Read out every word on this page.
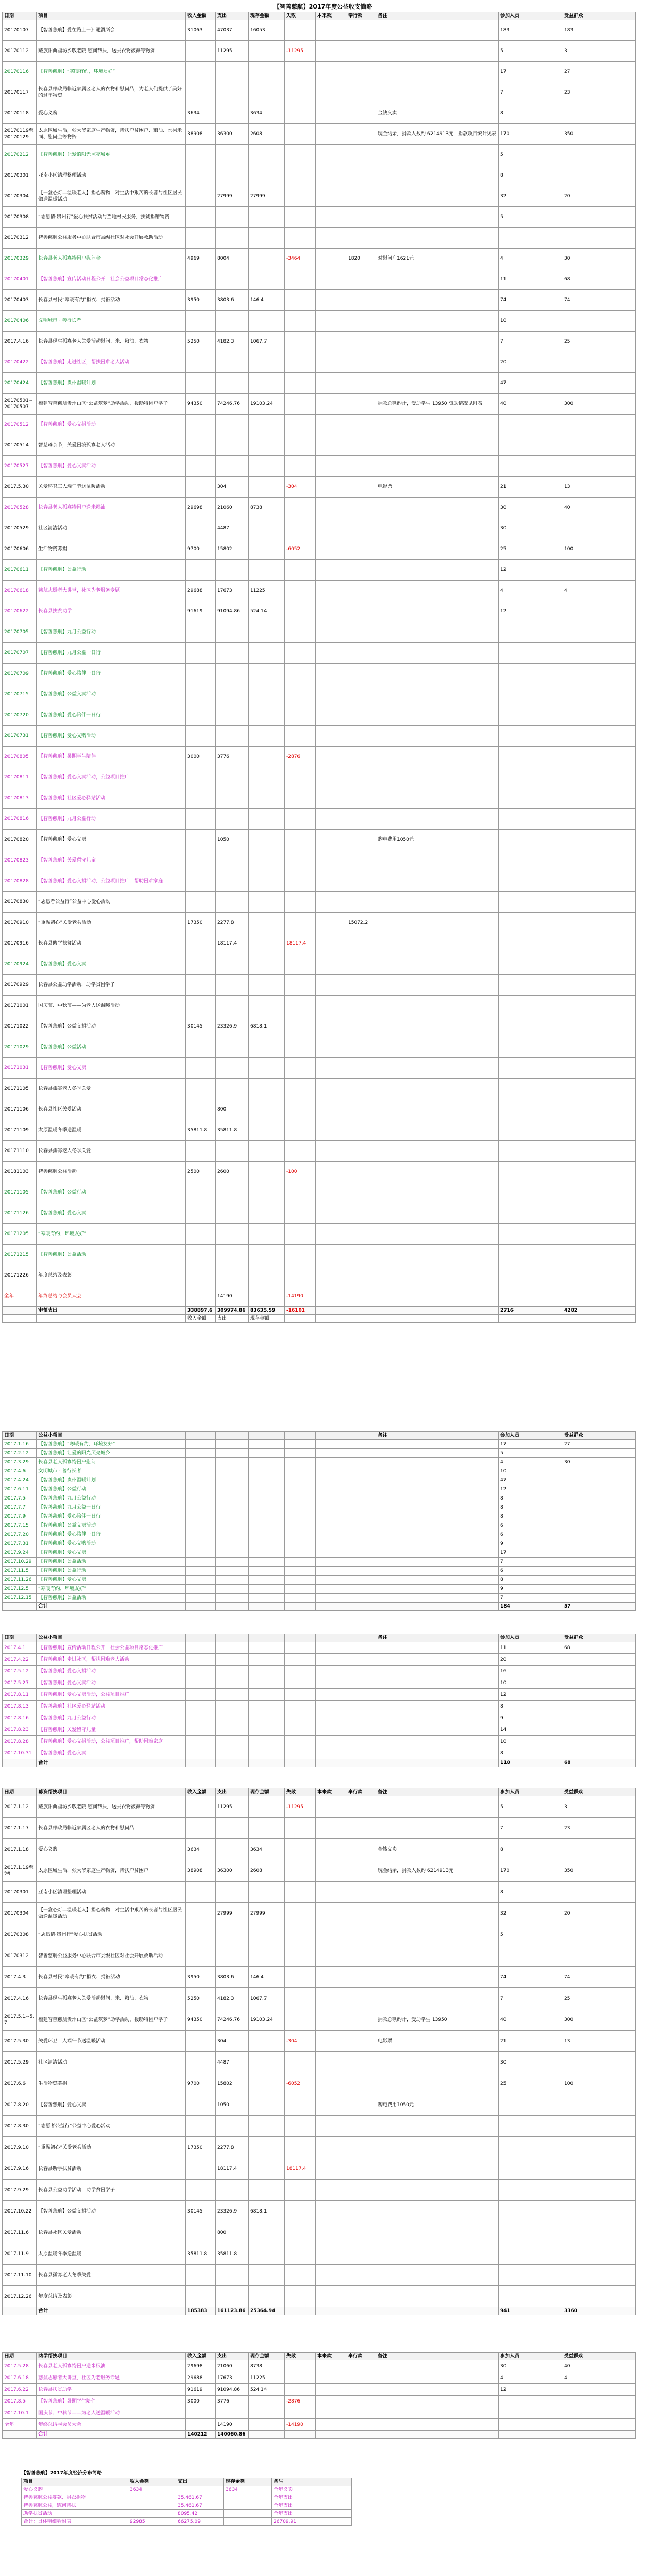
【智善慈航】2017年度公益收支简略
日期	项目	收入金额	支出	现存金额	失散	本来款	奉行款	备注	参加人员	受益群众
20170107	【智善慈航】爱在路上一》通渭所会	31063	47037	16053					183	183
20170112	藏族阳曲福坊乡敬老院 慰问帮扶，送去衣物被褥等物资		11295		-11295				5	3
20170116	【智善慈航】“寒暖有约，环境友好”								17	27
20170117	长春县邮政局临近家属区老人的衣物和慰问品，为老人们提供了美好的过年物资								7	23
20170118	爱心义购	3634		3634				金钱义卖	8	
20170119至20170129	太原区域生活，张大爷家庭生产物资，帮扶户贫困户、粮油、水果米面、慰问金等物资	38908	36300	2608				现金结余，捐款人数约 6214913元，捐款项目统计见表	170	350
20170212	【智善慈航】让爱的阳光照亮城乡								5	
20170301	亚南小区清理整理活动								8	
20170304	【一盒心灯—温暖老人】捐心购物，对生活中艰苦的长者与社区居民做送温暖活动		27999	27999					32	20
20170308	“志愿情·贵州行”爱心扶贫活动与当地村民服务，扶贫捐赠物资								5	
20170312	智善慈航公益服务中心联合市县级社区对社会开展救助活动									
20170329	长春县老人孤寡特困户慰问金	4969	8004		-3464		1820	对慰问户1621元	4	30
20170401	【智善慈航】宣传活动日程公开，社会公益项目常态化推广								11	68
20170403	长春县村民“寒暖有约”捐衣、捐被活动	3950	3803.6	146.4					74	74
20170406	文明城市 · 善行长者								10	
2017.4.16	长春县现生孤寡老人关爱活动慰问、米、粮油、衣物	5250	4182.3	1067.7					7	25
20170422	【智善慈航】走进社区，帮扶困难老人活动								20	
20170424	【智善慈航】贵州温暖计划								47	
20170501~20170507	福建智善慈航贵州山区“公益筑梦”助学活动，援助特困户学子	94350	74246.76	19103.24				捐款总额约计，受助学生 13950 资助情况见附表	40	300
20170512	【智善慈航】爱心义捐活动									
20170514	智慈母亲节，关爱困境孤寡老人活动									
20170527	【智善慈航】爱心义卖活动									
2017.5.30	关爱环卫工人端午节送温暖活动		304		-304			电影票	21	13
20170528	长春县老人孤寡特困户送米粮油	29698	21060	8738					30	40
20170529	社区清洁活动		4487						30	
20170606	生活物资募捐	9700	15802		-6052				25	100
20170611	【智善慈航】公益行动								12	
20170618	慈航志愿者大讲堂，社区为老服务专题	29688	17673	11225					4	4
20170622	长春县扶贫助学	91619	91094.86	524.14					12	
20170705	【智善慈航】九月公益行动									
20170707	【智善慈航】九月公益一日行									
20170709	【智善慈航】爱心陪伴一日行									
20170715	【智善慈航】公益义卖活动									
20170720	【智善慈航】爱心陪伴一日行									
20170731	【智善慈航】爱心义购活动									
20170805	【智善慈航】暑期学生陪伴	3000	3776		-2876					
20170811	【智善慈航】爱心义卖活动，公益项目推广									
20170813	【智善慈航】社区爱心驿站活动									
20170816	【智善慈航】九月公益行动									
20170820	【智善慈航】爱心义卖		1050					购电费用1050元		
20170823	【智善慈航】关爱留守儿童									
20170828	【智善慈航】爱心义捐活动，公益项目推广，帮助困难家庭									
20170830	“志愿者公益行”公益中心爱心活动									
20170910	“重温初心”关爱老兵活动	17350	2277.8				15072.2			
20170916	长春县助学扶贫活动		18117.4		18117.4					
20170924	【智善慈航】爱心义卖									
20170929	长春县公益助学活动，助学贫困学子									
20171001	国庆节、中秋节——为老人送温暖活动									
20171022	【智善慈航】公益义捐活动	30145	23326.9	6818.1						
20171029	【智善慈航】公益活动									
20171031	【智善慈航】爱心义卖									
20171105	长春县孤寡老人冬季关爱									
20171106	长春县社区关爱活动		800							
20171109	太原温暖冬季送温暖	35811.8	35811.8							
20171110	长春县孤寡老人冬季关爱									
20181103	智善慈航公益活动	2500	2600		-100					
20171105	【智善慈航】公益行动									
20171126	【智善慈航】爱心义卖									
20171205	“寒暖有约，环境友好”									
20171215	【智善慈航】公益活动									
20171226	年度总结及表彰									
全年	年终总结与会员大会		14190		-14190					
	审慎支出	338897.6	309974.86	83635.59	-16101				2716	4282
		收入金额	支出	现存金额						
日期	公益小项目							备注	参加人员	受益群众
2017.1.16	【智善慈航】“寒暖有约，环境友好”								17	27
2017.2.12	【智善慈航】让爱的阳光照亮城乡								5	
2017.3.29	长春县老人孤寡特困户慰问								4	30
2017.4.6	文明城市 · 善行长者								10	
2017.4.24	【智善慈航】贵州温暖计划								47	
2017.6.11	【智善慈航】公益行动								12	
2017.7.5	【智善慈航】九月公益行动								8	
2017.7.7	【智善慈航】九月公益一日行								8	
2017.7.9	【智善慈航】爱心陪伴一日行								8	
2017.7.15	【智善慈航】公益义卖活动								6	
2017.7.20	【智善慈航】爱心陪伴一日行								6	
2017.7.31	【智善慈航】爱心义购活动								9	
2017.9.24	【智善慈航】爱心义卖								17	
2017.10.29	【智善慈航】公益活动								7	
2017.11.5	【智善慈航】公益行动								6	
2017.11.26	【智善慈航】爱心义卖								8	
2017.12.5	“寒暖有约，环境友好”								9	
2017.12.15	【智善慈航】公益活动								7	
	合计								184	57
日期	公益小项目							备注	参加人员	受益群众
2017.4.1	【智善慈航】宣传活动日程公开，社会公益项目常态化推广								11	68
2017.4.22	【智善慈航】走进社区，帮扶困难老人活动								20	
2017.5.12	【智善慈航】爱心义捐活动								16	
2017.5.27	【智善慈航】爱心义卖活动								10	
2017.8.11	【智善慈航】爱心义卖活动，公益项目推广								12	
2017.8.13	【智善慈航】社区爱心驿站活动								8	
2017.8.16	【智善慈航】九月公益行动								9	
2017.8.23	【智善慈航】关爱留守儿童								14	
2017.8.28	【智善慈航】爱心义捐活动，公益项目推广，帮助困难家庭								10	
2017.10.31	【智善慈航】爱心义卖								8	
	合计								118	68
日期	募资帮扶项目	收入金额	支出	现存金额	失散	本来款	奉行款	备注	参加人员	受益群众
2017.1.12	藏族阳曲福坊乡敬老院 慰问帮扶，送去衣物被褥等物资		11295		-11295				5	3
2017.1.17	长春县邮政局临近家属区老人的衣物和慰问品								7	23
2017.1.18	爱心义购	3634		3634				金钱义卖	8	
2017.1.19至29	太原区域生活，张大爷家庭生产物资，帮扶户贫困户	38908	36300	2608				现金结余，捐款人数约 6214913元	170	350
20170301	亚南小区清理整理活动								8	
20170304	【一盒心灯—温暖老人】捐心购物，对生活中艰苦的长者与社区居民做送温暖活动		27999	27999					32	20
20170308	“志愿情·贵州行”爱心扶贫活动								5	
20170312	智善慈航公益服务中心联合市县级社区对社会开展救助活动									
2017.4.3	长春县村民“寒暖有约”捐衣、捐被活动	3950	3803.6	146.4					74	74
2017.4.16	长春县现生孤寡老人关爱活动慰问、米、粮油、衣物	5250	4182.3	1067.7					7	25
2017.5.1~5.7	福建智善慈航贵州山区“公益筑梦”助学活动，援助特困户学子	94350	74246.76	19103.24				捐款总额约计，受助学生 13950	40	300
2017.5.30	关爱环卫工人端午节送温暖活动		304		-304			电影票	21	13
2017.5.29	社区清洁活动		4487						30	
2017.6.6	生活物资募捐	9700	15802		-6052				25	100
2017.8.20	【智善慈航】爱心义卖		1050					购电费用1050元		
2017.8.30	“志愿者公益行”公益中心爱心活动									
2017.9.10	“重温初心”关爱老兵活动	17350	2277.8							
2017.9.16	长春县助学扶贫活动		18117.4		18117.4					
2017.9.29	长春县公益助学活动，助学贫困学子									
2017.10.22	【智善慈航】公益义捐活动	30145	23326.9	6818.1						
2017.11.6	长春县社区关爱活动		800							
2017.11.9	太原温暖冬季送温暖	35811.8	35811.8							
2017.11.10	长春县孤寡老人冬季关爱									
2017.12.26	年度总结及表彰									
	合计	185383	161123.86	25364.94					941	3360
日期	助学帮扶项目	收入金额	支出	现存金额	失散	本来款	奉行款	备注	参加人员	受益群众
2017.5.28	长春县老人孤寡特困户送米粮油	29698	21060	8738					30	40
2017.6.18	慈航志愿者大讲堂，社区为老服务专题	29688	17673	11225					4	4
2017.6.22	长春县扶贫助学	91619	91094.86	524.14					12	
2017.8.5	【智善慈航】暑期学生陪伴	3000	3776		-2876					
2017.10.1	国庆节、中秋节——为老人送温暖活动									
全年	年终总结与会员大会		14190		-14190					
	合计	140212	140060.86							
【智善慈航】2017年度经济分布简略
项目	收入金额	支出	现存金额	备注
爱心义购	3634		3634	全年义卖
智善慈航公益筹款、捐衣捐物		35,461.67		全年支出
智善慈航公益，慰问帮扶		35,461.67		全年支出
助学扶贫活动		8095.42		全年支出
合计：具体明细看附表	92985	66275.09		26709.91
